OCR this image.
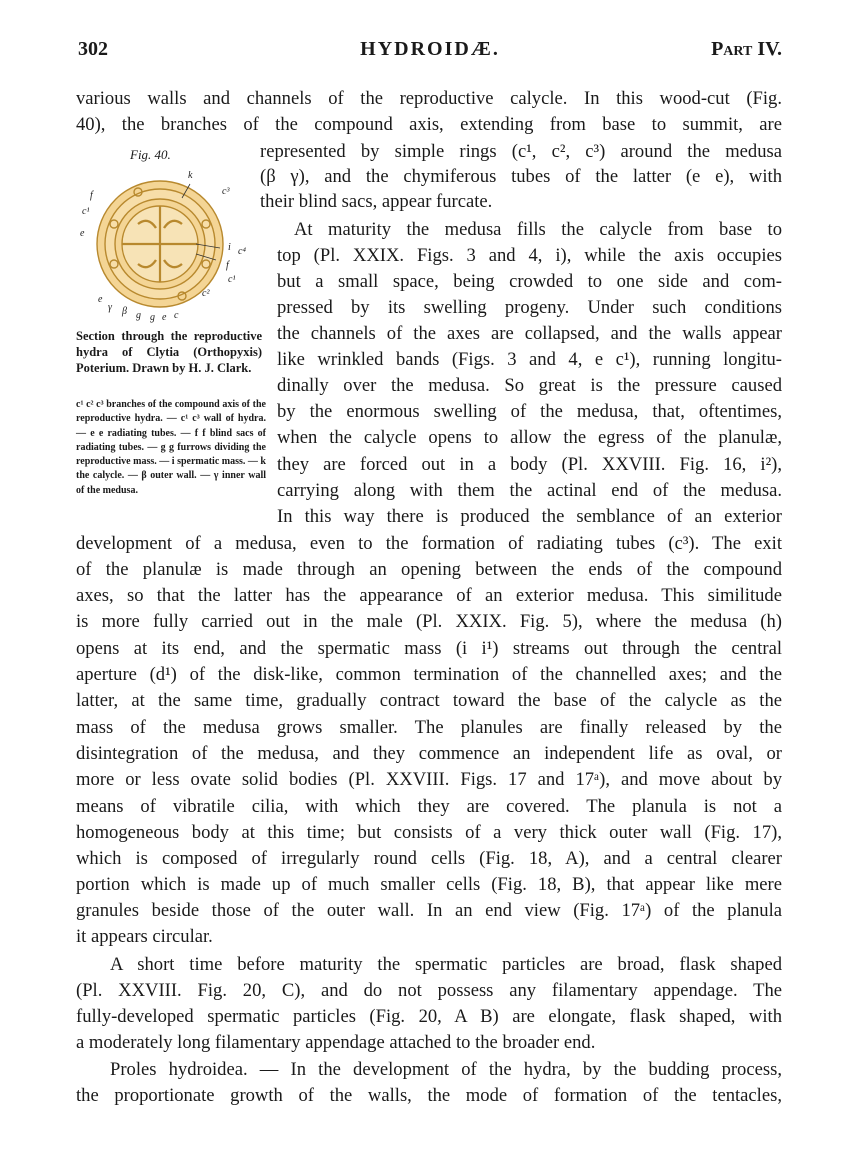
302	HYDROIDÆ.	Part IV.
various walls and channels of the reproductive calycle. In this wood-cut (Fig.
40), the branches of the compound axis, extending from base to summit, are
represented by simple rings (c¹, c², c³) around the medusa
(β γ), and the chymiferous tubes of the latter (e e), with
their blind sacs, appear furcate.
At maturity the medusa fills the calycle from base to
top (Pl. XXIX. Figs. 3 and 4, i), while the axis occupies
but a small space, being crowded to one side and com-
pressed by its swelling progeny. Under such conditions
the channels of the axes are collapsed, and the walls appear
like wrinkled bands (Figs. 3 and 4, e c¹), running longitu-
dinally over the medusa. So great is the pressure caused
by the enormous swelling of the medusa, that, oftentimes,
when the calycle opens to allow the egress of the planulæ,
they are forced out in a body (Pl. XXVIII. Fig. 16, i²),
carrying along with them the actinal end of the medusa.
In this way there is produced the semblance of an exterior
development of a medusa, even to the formation of radiating tubes (c³). The exit
of the planulæ is made through an opening between the ends of the compound
axes, so that the latter has the appearance of an exterior medusa. This similitude
is more fully carried out in the male (Pl. XXIX. Fig. 5), where the medusa (h)
opens at its end, and the spermatic mass (i i¹) streams out through the central
aperture (d¹) of the disk-like, common termination of the channelled axes; and the
latter, at the same time, gradually contract toward the base of the calycle as the
mass of the medusa grows smaller. The planules are finally released by the
disintegration of the medusa, and they commence an independent life as oval, or
more or less ovate solid bodies (Pl. XXVIII. Figs. 17 and 17ᵃ), and move about by
means of vibratile cilia, with which they are covered. The planula is not a
homogeneous body at this time; but consists of a very thick outer wall (Fig. 17),
which is composed of irregularly round cells (Fig. 18, A), and a central clearer
portion which is made up of much smaller cells (Fig. 18, B), that appear like mere
granules beside those of the outer wall. In an end view (Fig. 17ᵃ) of the planula
it appears circular.
A short time before maturity the spermatic particles are broad, flask shaped
(Pl. XXVIII. Fig. 20, C), and do not possess any filamentary appendage. The
fully-developed spermatic particles (Fig. 20, A B) are elongate, flask shaped, with
a moderately long filamentary appendage attached to the broader end.
Proles hydroidea. — In the development of the hydra, by the budding process,
the proportionate growth of the walls, the mode of formation of the tentacles,
Fig. 40.
k
c³
f
c¹
e
i c⁴
f
c¹
c²
e
γ β g g e c
Section through the reproductive hydra of Clytia (Orthopyxis) Poterium. Drawn by H. J. Clark.
c¹ c² c³ branches of the compound axis of the reproductive hydra. — c¹ c³ wall of hydra. — e e radiating tubes. — f f blind sacs of radiating tubes. — g g furrows dividing the reproductive mass. — i spermatic mass. — k the calycle. — β outer wall. — γ inner wall of the medusa.
